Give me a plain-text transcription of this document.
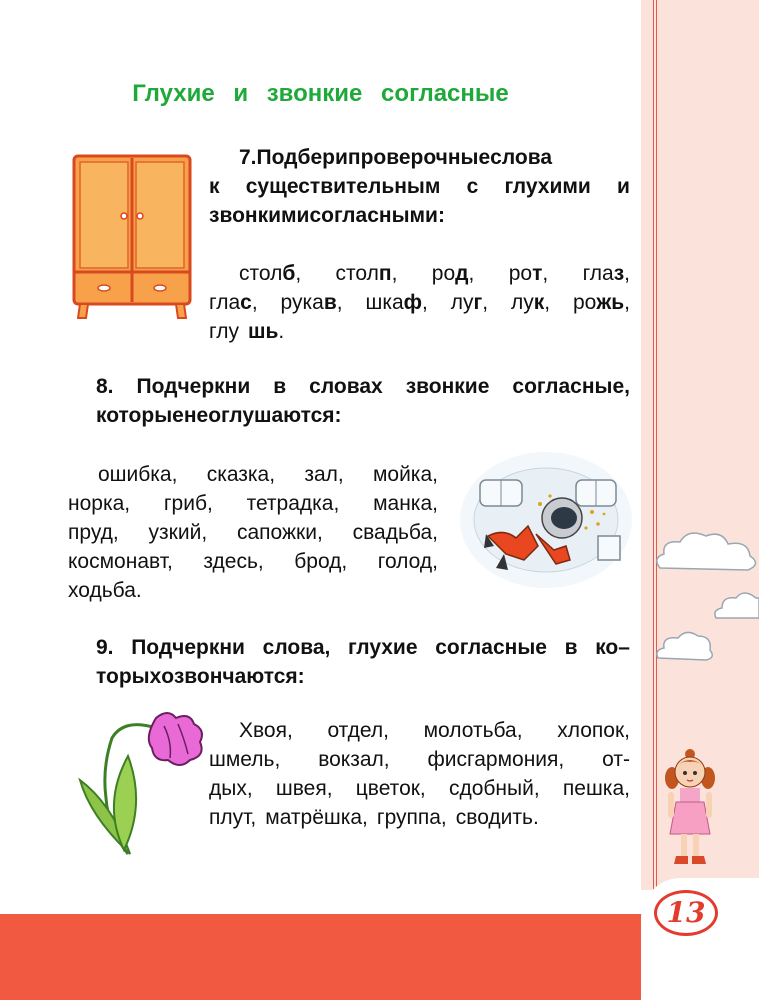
13
Глухие и звонкие согласные
7. Подбери проверочные слова
к существительным с глухими и
звонкими согласными:
столб, столп, род, рот, глаз,
глас, рукав, шкаф, луг, лук, рожь,
глу шь.
8. Подчеркни в словах звонкие согласные,
которые не оглушаются:
ошибка, сказка, зал, мойка,
норка, гриб, тетрадка, манка,
пруд, узкий, сапожки, свадьба,
космонавт, здесь, брод, голод,
ходьба.
9. Подчеркни слова, глухие согласные в ко–
торых озвончаются:
Хвоя, отдел, молотьба, хлопок,
шмель, вокзал, фисгармония, от-
дых, швея, цветок, сдобный, пешка,
плут, матрёшка, группа, сводить.
